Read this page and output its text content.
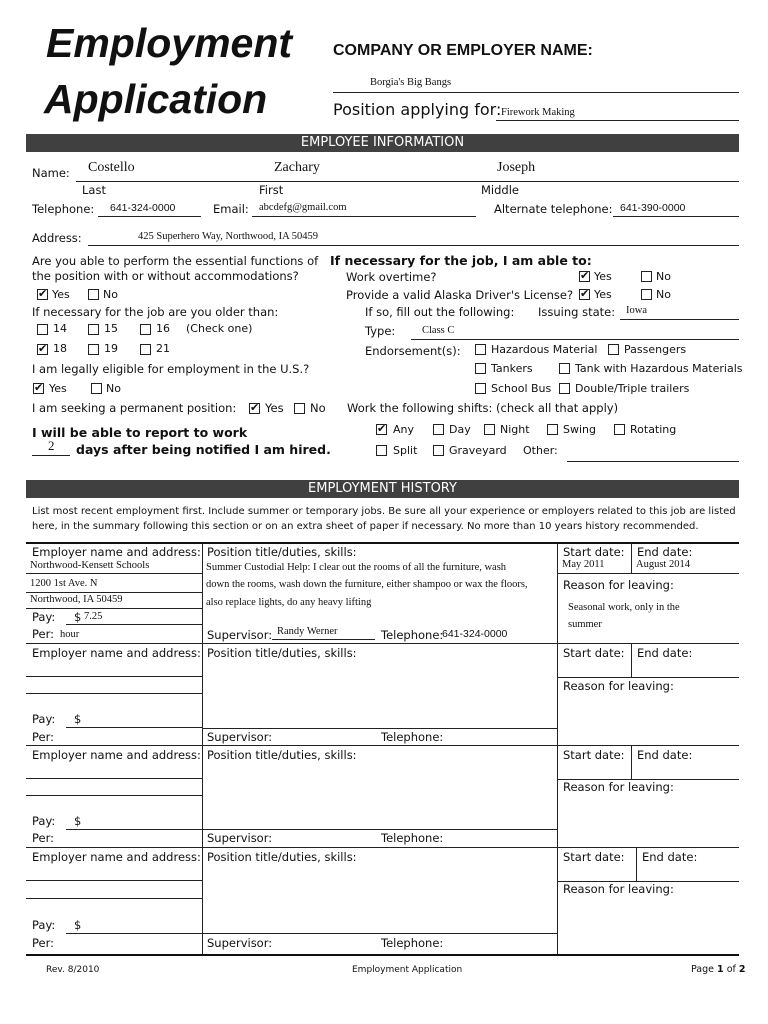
Employment
Application
COMPANY OR EMPLOYER NAME:
Borgia's Big Bangs
Position applying for: Firework Making
EMPLOYEE INFORMATION
Name: Costello	Zachary	Joseph
Last	First	Middle
Telephone: 641-324-0000	Email: abcdefg@gmail.com	Alternate telephone: 641-390-0000
Address:	425 Superhero Way, Northwood, IA 50459
Are you able to perform the essential functions of
the position with or without accommodations?
✔
Yes	No
If necessary for the job are you older than:
14	15	16 (Check one)
✔
18	19	21
I am legally eligible for employment in the U.S.?
✔
Yes	No
I am seeking a permanent position: ✔ Yes No
I will be able to report to work
2 days after being notified I am hired.
If necessary for the job, I am able to:
Work overtime? ✔	Yes	No
Provide a valid Alaska Driver's License? ✔ Yes	No
If so, fill out the following: Issuing state: Iowa
Type:	Class C
Endorsement(s):	Hazardous Material Passengers
Tankers	Tank with Hazardous Materials
School Bus Double/Triple trailers
Work the following shifts: (check all that apply)
✔
Any	Day	Night	Swing	Rotating
Split	Graveyard Other:
EMPLOYMENT HISTORY
List most recent employment first. Include summer or temporary jobs. Be sure all your experience or employers related to this job are listed
here, in the summary following this section or on an extra sheet of paper if necessary. No more than 10 years history recommended.
Employer name and address:
Northwood-Kensett Schools
1200 1st Ave. N
Northwood, IA 50459
Pay: $ 7.25
Per: hour
Position title/duties, skills:
Summer Custodial Help: I clear out the rooms of all the furniture, wash
down the rooms, wash down the furniture, either shampoo or wax the floors,
also replace lights, do any heavy lifting
Supervisor: Randy Werner	Telephone:
641-324-0000
Start date: End date:
May 2011	August 2014
Reason for leaving:
Seasonal work, only in the
summer
Employer name and address:
Pay: $
Per:
Position title/duties, skills:
Supervisor:	Telephone:
Start date: End date:
Reason for leaving:
Employer name and address:
Pay: $
Per:
Position title/duties, skills:
Supervisor:	Telephone:
Start date: End date:
Reason for leaving:
Employer name and address:
Pay: $
Per:
Position title/duties, skills:
Supervisor:	Telephone:
Start date: End date:
Reason for leaving:
Rev. 8/2010	Employment Application	Page 1 of 2
